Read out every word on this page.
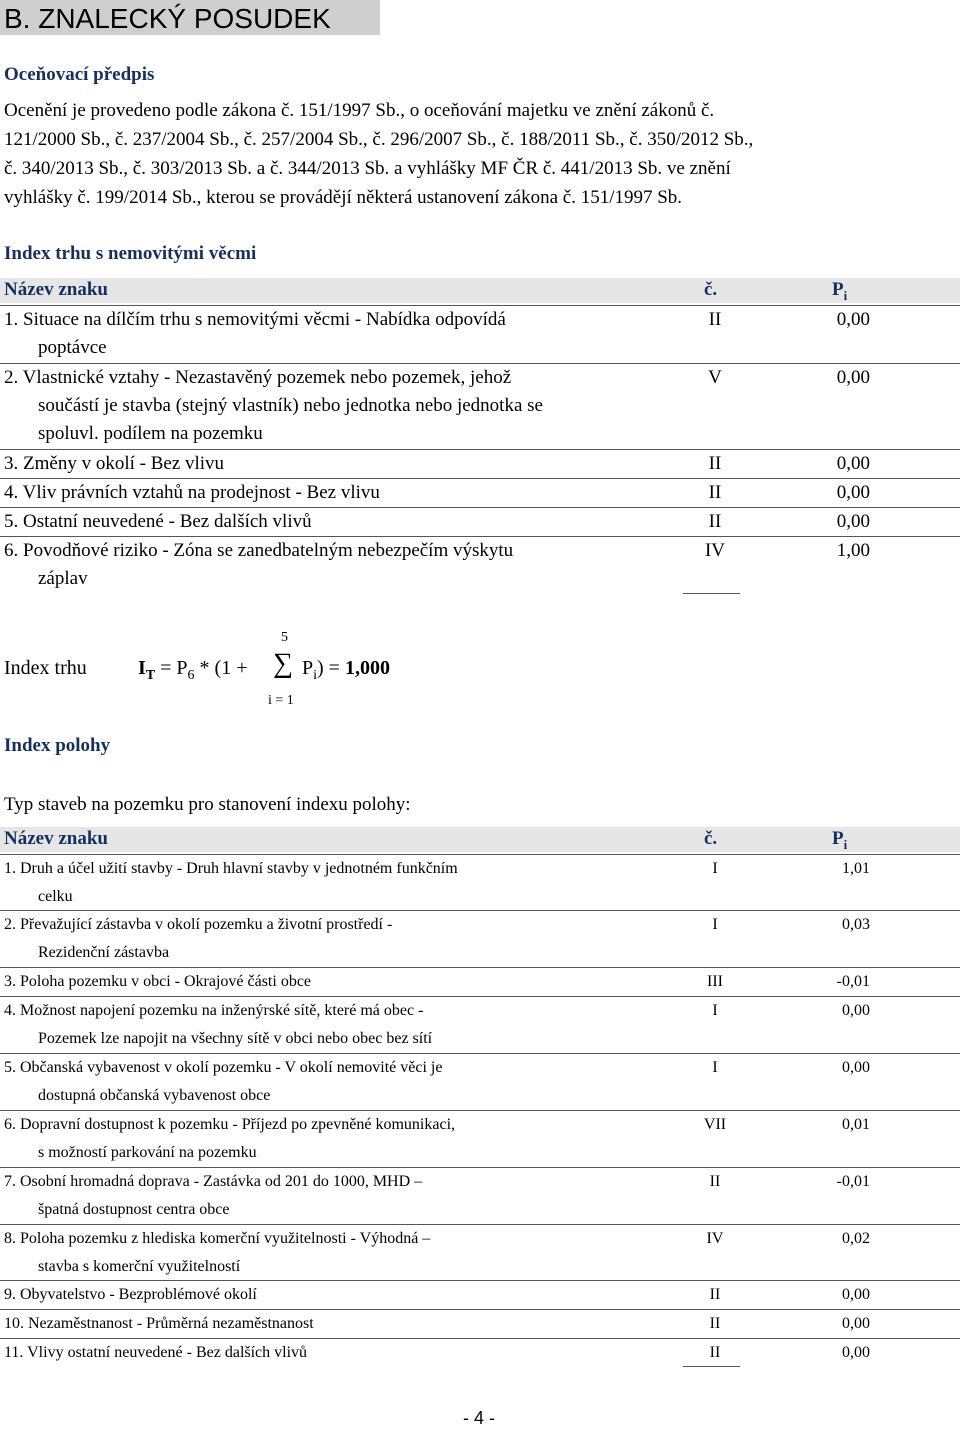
B. ZNALECKÝ POSUDEK
Oceňovací předpis
Ocenění je provedeno podle zákona č. 151/1997 Sb., o oceňování majetku ve znění zákonů č.
121/2000 Sb., č. 237/2004 Sb., č. 257/2004 Sb., č. 296/2007 Sb., č. 188/2011 Sb., č. 350/2012 Sb.,
č. 340/2013 Sb., č. 303/2013 Sb. a č. 344/2013 Sb. a vyhlášky MF ČR č. 441/2013 Sb. ve znění
vyhlášky č. 199/2014 Sb., kterou se provádějí některá ustanovení zákona č. 151/1997 Sb.
Index trhu s nemovitými věcmi
Název znaku	č.	$P_i$
1. Situace na dílčím trhu s nemovitými věcmi - Nabídka odpovídá
poptávce
II	0,00
2. Vlastnické vztahy - Nezastavěný pozemek nebo pozemek, jehož
součástí je stavba (stejný vlastník) nebo jednotka nebo jednotka se
spoluvl. podílem na pozemku
V	0,00
3. Změny v okolí - Bez vlivu	II	0,00
4. Vliv právních vztahů na prodejnost - Bez vlivu	II	0,00
5. Ostatní neuvedené - Bez dalších vlivů	II	0,00
6. Povodňové riziko - Zóna se zanedbatelným nebezpečím výskytu
záplav
IV	1,00
Index trhu	$I_T = P_6 * (1$ +
5
∑
i = 1
$P_i) = 1,000$
Index polohy
Typ staveb na pozemku pro stanovení indexu polohy:
Název znaku	č.	$P_i$
1. Druh a účel užití stavby - Druh hlavní stavby v jednotném funkčním
celku
I	1,01
2. Převažující zástavba v okolí pozemku a životní prostředí -
Rezidenční zástavba
I	0,03
3. Poloha pozemku v obci - Okrajové části obce	III	-0,01
4. Možnost napojení pozemku na inženýrské sítě, které má obec -
Pozemek lze napojit na všechny sítě v obci nebo obec bez sítí
I	0,00
5. Občanská vybavenost v okolí pozemku - V okolí nemovité věci je
dostupná občanská vybavenost obce
I	0,00
6. Dopravní dostupnost k pozemku - Příjezd po zpevněné komunikaci,
s možností parkování na pozemku
VII	0,01
7. Osobní hromadná doprava - Zastávka od 201 do 1000, MHD –
špatná dostupnost centra obce
II	-0,01
8. Poloha pozemku z hlediska komerční využitelnosti - Výhodná –
stavba s komerční využitelností
IV	0,02
9. Obyvatelstvo - Bezproblémové okolí	II	0,00
10. Nezaměstnanost - Průměrná nezaměstnanost	II	0,00
11. Vlivy ostatní neuvedené - Bez dalších vlivů	II	0,00
- 4 -
